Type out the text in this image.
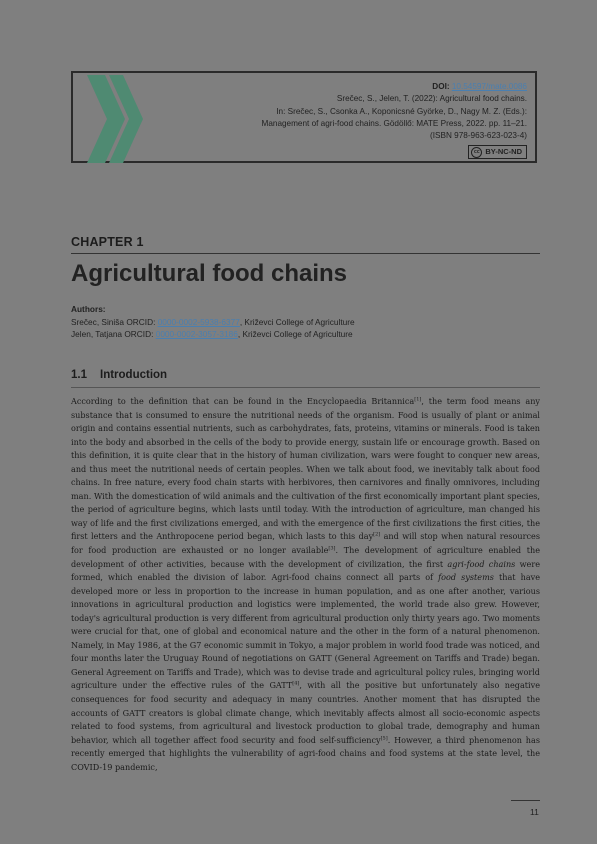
DOI: 10.54597/mate.0086
Srečec, S., Jelen, T. (2022): Agricultural food chains.
In: Srečec, S., Csonka A., Koponicsné Györke, D., Nagy M. Z. (Eds.):
Management of agri-food chains. Gödöllő: MATE Press, 2022. pp. 11–21.
(ISBN 978-963-623-023-4)
cc BY-NC-ND
CHAPTER 1
Agricultural food chains
Authors:
Srečec, Siniša ORCID: 0000-0002-5938-6377, Križevci College of Agriculture
Jelen, Tatjana ORCID: 0000-0002-3057-3186, Križevci College of Agriculture
1.1 Introduction

According to the definition that can be found in the Encyclopaedia Britannica[1], the term food means any substance that is consumed to ensure the nutritional needs of the organism. Food is usually of plant or animal origin and contains essential nutrients, such as carbohydrates, fats, proteins, vitamins or minerals. Food is taken into the body and absorbed in the cells of the body to provide energy, sustain life or encourage growth. Based on this definition, it is quite clear that in the history of human civilization, wars were fought to conquer new areas, and thus meet the nutritional needs of certain peoples. When we talk about food, we inevitably talk about food chains. In free nature, every food chain starts with herbivores, then carnivores and finally omnivores, including man. With the domestication of wild animals and the cultivation of the first economically important plant species, the period of agriculture begins, which lasts until today. With the introduction of agriculture, man changed his way of life and the first civilizations emerged, and with the emergence of the first civilizations the first cities, the first letters and the Anthropocene period began, which lasts to this day[2] and will stop when natural resources for food production are exhausted or no longer available[3]. The development of agriculture enabled the development of other activities, because with the development of civilization, the first agri-food chains were formed, which enabled the division of labor. Agri-food chains connect all parts of food systems that have developed more or less in proportion to the increase in human population, and as one after another, various innovations in agricultural production and logistics were implemented, the world trade also grew. However, today's agricultural production is very different from agricultural production only thirty years ago. Two moments were crucial for that, one of global and economical nature and the other in the form of a natural phenomenon. Namely, in May 1986, at the G7 economic summit in Tokyo, a major problem in world food trade was noticed, and four months later the Uruguay Round of negotiations on GATT (General Agreement on Tariffs and Trade) began. General Agreement on Tariffs and Trade), which was to devise trade and agricultural policy rules, bringing world agriculture under the effective rules of the GATT[4], with all the positive but unfortunately also negative consequences for food security and adequacy in many countries. Another moment that has disrupted the accounts of GATT creators is global climate change, which inevitably affects almost all socio-economic aspects related to food systems, from agricultural and livestock production to global trade, demography and human behavior, which all together affect food security and food self-sufficiency[5]. However, a third phenomenon has recently emerged that highlights the vulnerability of agri-food chains and food systems at the state level, the COVID-19 pandemic,

11
